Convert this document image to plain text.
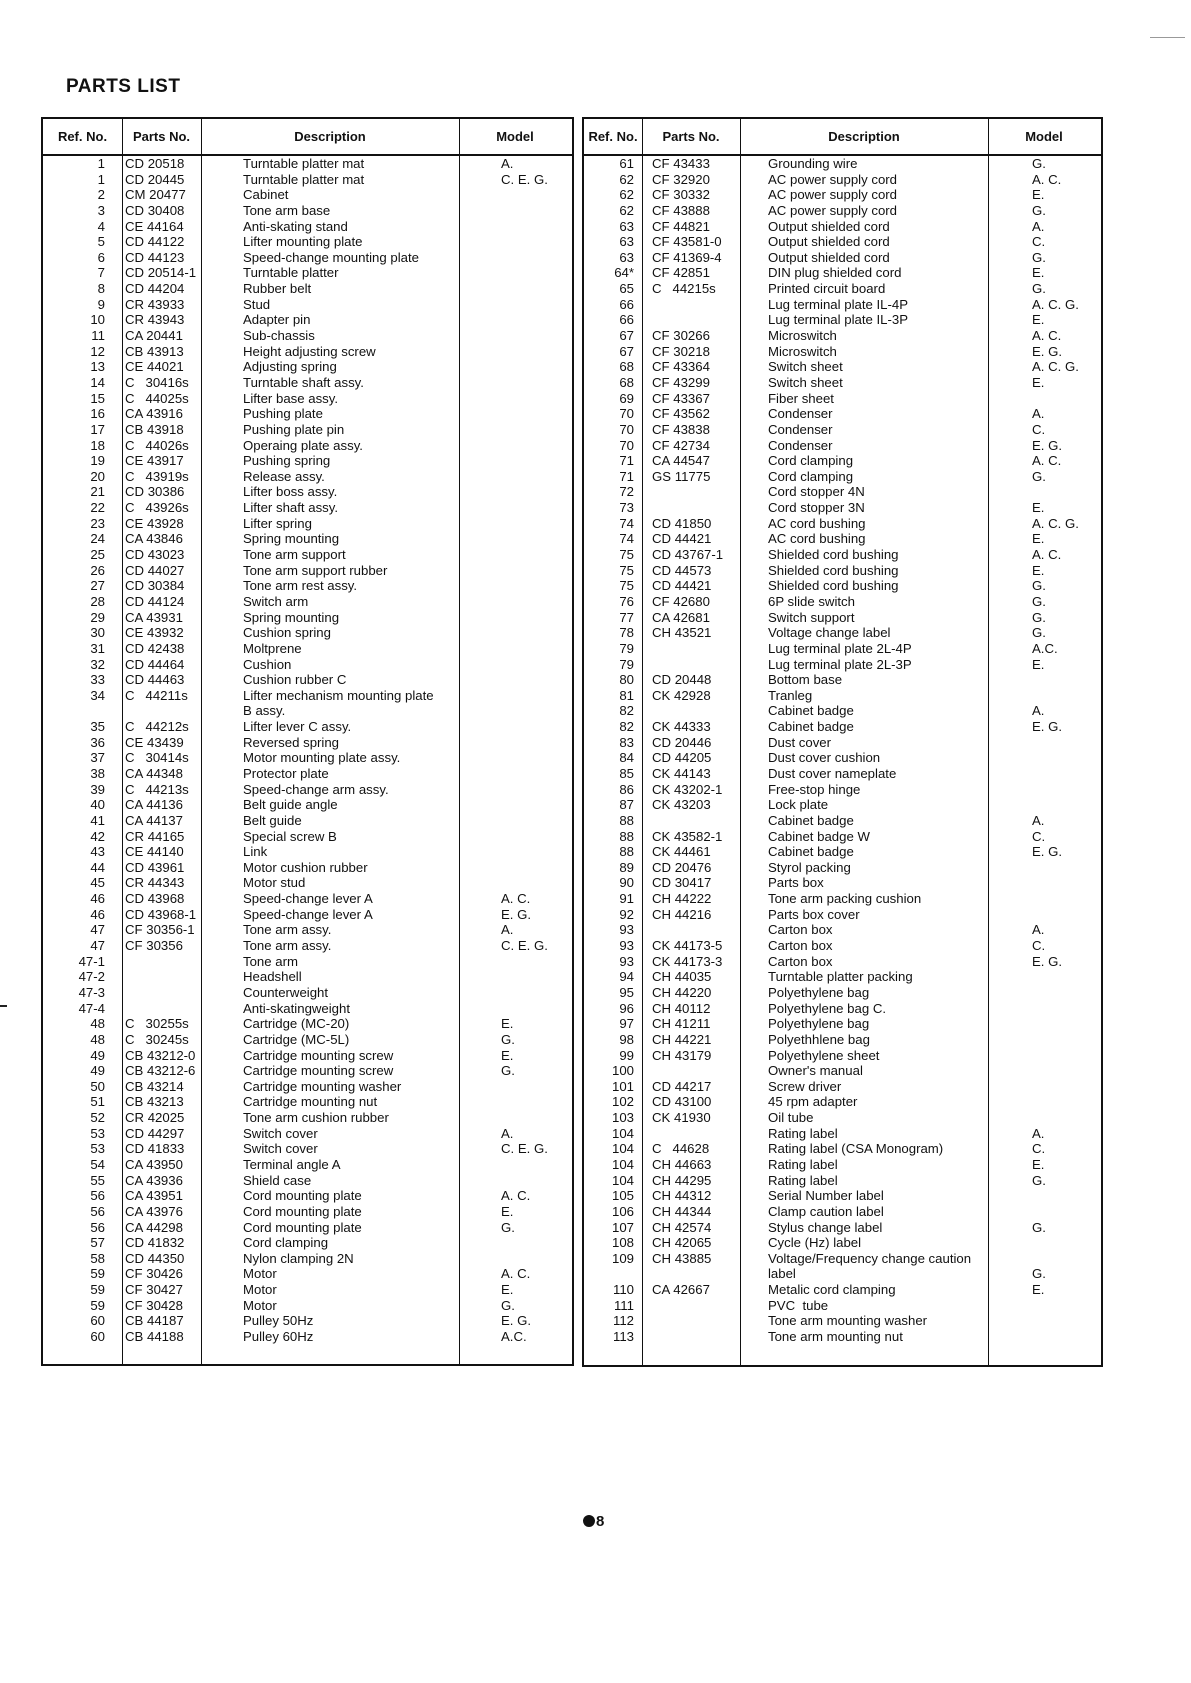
PARTS LIST
Ref. No.	Parts No.	Description	Model
1 CD 20518	Turntable platter mat	A.
1 CD 20445	Turntable platter mat	C. E. G.
2 CM 20477	Cabinet
3 CD 30408	Tone arm base
4 CE 44164	Anti-skating stand
5 CD 44122	Lifter mounting plate
6 CD 44123	Speed-change mounting plate
7 CD 20514-1	Turntable platter
8 CD 44204	Rubber belt
9 CR 43933	Stud
10 CR 43943	Adapter pin
11 CA 20441	Sub-chassis
12 CB 43913	Height adjusting screw
13 CE 44021	Adjusting spring
14 C   30416s	Turntable shaft assy.
15 C   44025s	Lifter base assy.
16 CA 43916	Pushing plate
17 CB 43918	Pushing plate pin
18 C   44026s	Operaing plate assy.
19 CE 43917	Pushing spring
20 C   43919s	Release assy.
21 CD 30386	Lifter boss assy.
22 C   43926s	Lifter shaft assy.
23 CE 43928	Lifter spring
24 CA 43846	Spring mounting
25 CD 43023	Tone arm support
26 CD 44027	Tone arm support rubber
27 CD 30384	Tone arm rest assy.
28 CD 44124	Switch arm
29 CA 43931	Spring mounting
30 CE 43932	Cushion spring
31 CD 42438	Moltprene
32 CD 44464	Cushion
33 CD 44463	Cushion rubber C
34 C   44211s	Lifter mechanism mounting plate
B assy.
35 C   44212s	Lifter lever C assy.
36 CE 43439	Reversed spring
37 C   30414s	Motor mounting plate assy.
38 CA 44348	Protector plate
39 C   44213s	Speed-change arm assy.
40 CA 44136	Belt guide angle
41 CA 44137	Belt guide
42 CR 44165	Special screw B
43 CE 44140	Link
44 CD 43961	Motor cushion rubber
45 CR 44343	Motor stud
46 CD 43968	Speed-change lever A	A. C.
46 CD 43968-1	Speed-change lever A	E. G.
47 CF 30356-1	Tone arm assy.	A.
47 CF 30356	Tone arm assy.	C. E. G.
47-1	Tone arm
47-2	Headshell
47-3	Counterweight
47-4	Anti-skatingweight
48 C   30255s	Cartridge (MC-20)	E.
48 C   30245s	Cartridge (MC-5L)	G.
49 CB 43212-0	Cartridge mounting screw	E.
49 CB 43212-6	Cartridge mounting screw	G.
50 CB 43214	Cartridge mounting washer
51 CB 43213	Cartridge mounting nut
52 CR 42025	Tone arm cushion rubber
53 CD 44297	Switch cover	A.
53 CD 41833	Switch cover	C. E. G.
54 CA 43950	Terminal angle A
55 CA 43936	Shield case
56 CA 43951	Cord mounting plate	A. C.
56 CA 43976	Cord mounting plate	E.
56 CA 44298	Cord mounting plate	G.
57 CD 41832	Cord clamping
58 CD 44350	Nylon clamping 2N
59 CF 30426	Motor	A. C.
59 CF 30427	Motor	E.
59 CF 30428	Motor	G.
60 CB 44187	Pulley 50Hz	E. G.
60 CB 44188	Pulley 60Hz	A.C.
Ref. No.	Parts No.	Description	Model
61 CF 43433	Grounding wire	G.
62 CF 32920	AC power supply cord	A. C.
62 CF 30332	AC power supply cord	E.
62 CF 43888	AC power supply cord	G.
63 CF 44821	Output shielded cord	A.
63 CF 43581-0	Output shielded cord	C.
63 CF 41369-4	Output shielded cord	G.
64* CF 42851	DIN plug shielded cord	E.
65 C   44215s	Printed circuit board	G.
66	Lug terminal plate IL-4P	A. C. G.
66	Lug terminal plate IL-3P	E.
67 CF 30266	Microswitch	A. C.
67 CF 30218	Microswitch	E. G.
68 CF 43364	Switch sheet	A. C. G.
68 CF 43299	Switch sheet	E.
69 CF 43367	Fiber sheet
70 CF 43562	Condenser	A.
70 CF 43838	Condenser	C.
70 CF 42734	Condenser	E. G.
71 CA 44547	Cord clamping	A. C.
71 GS 11775	Cord clamping	G.
72	Cord stopper 4N
73	Cord stopper 3N	E.
74 CD 41850	AC cord bushing	A. C. G.
74 CD 44421	AC cord bushing	E.
75 CD 43767-1	Shielded cord bushing	A. C.
75 CD 44573	Shielded cord bushing	E.
75 CD 44421	Shielded cord bushing	G.
76 CF 42680	6P slide switch	G.
77 CA 42681	Switch support	G.
78 CH 43521	Voltage change label	G.
79	Lug terminal plate 2L-4P	A.C.
79	Lug terminal plate 2L-3P	E.
80 CD 20448	Bottom base
81 CK 42928	Tranleg
82	Cabinet badge	A.
82 CK 44333	Cabinet badge	E. G.
83 CD 20446	Dust cover
84 CD 44205	Dust cover cushion
85 CK 44143	Dust cover nameplate
86 CK 43202-1	Free-stop hinge
87 CK 43203	Lock plate
88	Cabinet badge	A.
88 CK 43582-1	Cabinet badge W	C.
88 CK 44461	Cabinet badge	E. G.
89 CD 20476	Styrol packing
90 CD 30417	Parts box
91 CH 44222	Tone arm packing cushion
92 CH 44216	Parts box cover
93	Carton box	A.
93 CK 44173-5	Carton box	C.
93 CK 44173-3	Carton box	E. G.
94 CH 44035	Turntable platter packing
95 CH 44220	Polyethylene bag
96 CH 40112	Polyethylene bag C.
97 CH 41211	Polyethylene bag
98 CH 44221	Polyethhlene bag
99 CH 43179	Polyethylene sheet
100	Owner's manual
101 CD 44217	Screw driver
102 CD 43100	45 rpm adapter
103 CK 41930	Oil tube
104	Rating label	A.
104 C   44628	Rating label (CSA Monogram)	C.
104 CH 44663	Rating label	E.
104 CH 44295	Rating label	G.
105 CH 44312	Serial Number label
106 CH 44344	Clamp caution label
107 CH 42574	Stylus change label	G.
108 CH 42065	Cycle (Hz) label
109 CH 43885	Voltage/Frequency change caution
label	G.
110 CA 42667	Metalic cord clamping	E.
111	PVC  tube
112	Tone arm mounting washer
113	Tone arm mounting nut
8
